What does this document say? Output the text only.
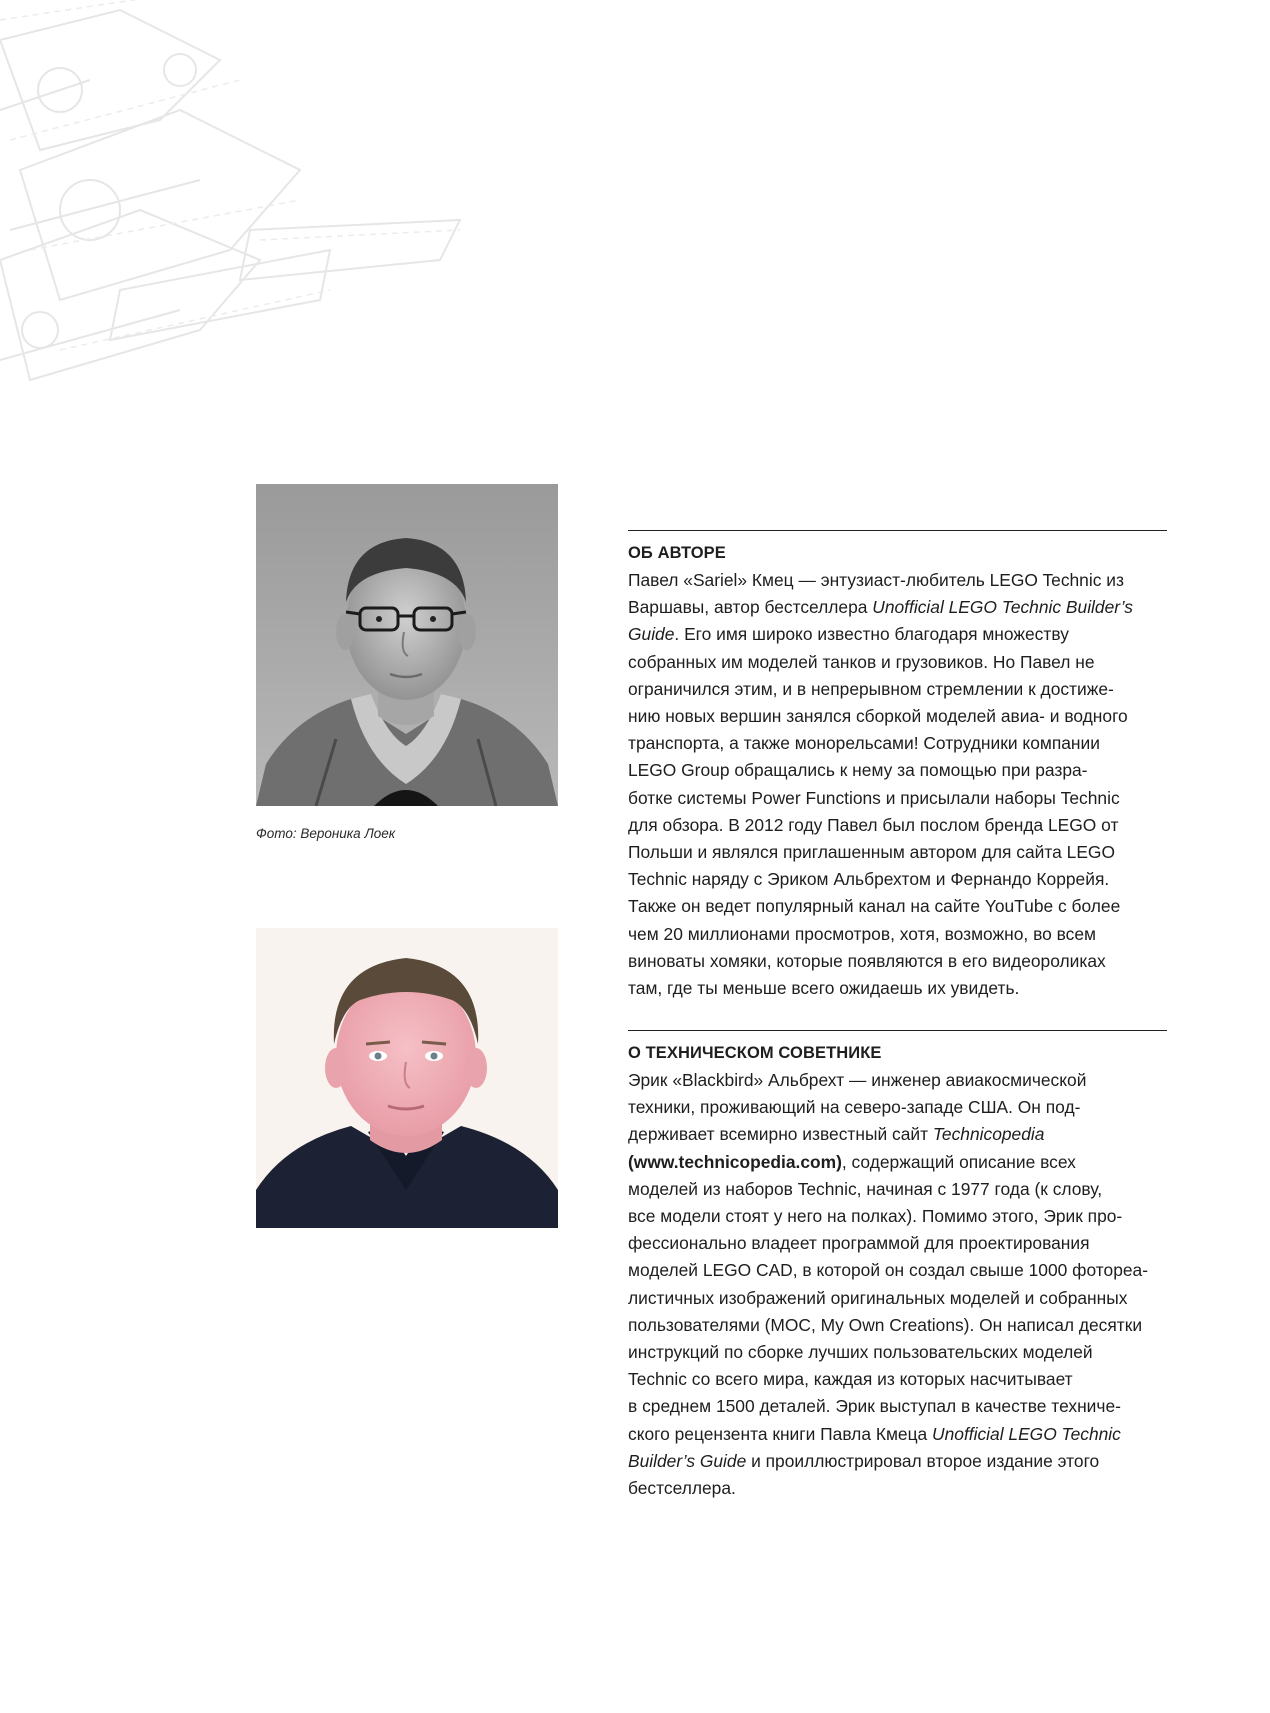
Фото: Вероника Лоек
ОБ АВТОРЕ

Павел «Sariel» Кмец — энтузиаст-любитель LEGO Technic из
Варшавы, автор бестселлера Unofficial LEGO Technic Builder’s
Guide. Его имя широко известно благодаря множеству
собранных им моделей танков и грузовиков. Но Павел не
ограничился этим, и в непрерывном стремлении к достиже-
нию новых вершин занялся сборкой моделей авиа- и водного
транспорта, а также монорельсами! Сотрудники компании
LEGO Group обращались к нему за помощью при разра-
ботке системы Power Functions и присылали наборы Technic
для обзора. В 2012 году Павел был послом бренда LEGO от
Польши и являлся приглашенным автором для сайта LEGO
Technic наряду с Эриком Альбрехтом и Фернандо Коррейя.
Также он ведет популярный канал на сайте YouTube с более
чем 20 миллионами просмотров, хотя, возможно, во всем
виноваты хомяки, которые появляются в его видеороликах
там, где ты меньше всего ожидаешь их увидеть.

О ТЕХНИЧЕСКОМ СОВЕТНИКЕ

Эрик «Blackbird» Альбрехт — инженер авиакосмической
техники, проживающий на северо-западе США. Он под-
держивает всемирно известный сайт Technicopedia
(www.technicopedia.com), содержащий описание всех
моделей из наборов Technic, начиная с 1977 года (к слову,
все модели стоят у него на полках). Помимо этого, Эрик про-
фессионально владеет программой для проектирования
моделей LEGO CAD, в которой он создал свыше 1000 фотореа-
листичных изображений оригинальных моделей и собранных
пользователями (MOC, My Own Creations). Он написал десятки
инструкций по сборке лучших пользовательских моделей
Technic со всего мира, каждая из которых насчитывает
в среднем 1500 деталей. Эрик выступал в качестве техниче-
ского рецензента книги Павла Кмеца Unofficial LEGO Technic
Builder’s Guide и проиллюстрировал второе издание этого
бестселлера.
